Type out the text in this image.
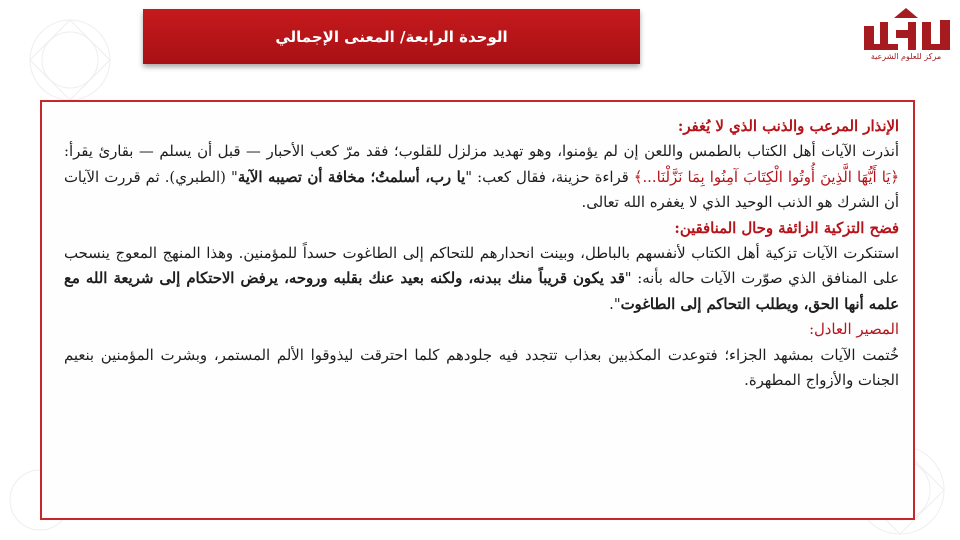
الوحدة الرابعة/ المعنى الإجمالي
مركز للعلوم الشرعية

الإنذار المرعب والذنب الذي لا يُغفر:

أنذرت الآيات أهل الكتاب بالطمس واللعن إن لم يؤمنوا، وهو تهديد مزلزل للقلوب؛ فقد مرّ كعب الأحبار — قبل أن يسلم — بقارئ يقرأ: ﴿يَا أَيُّهَا الَّذِينَ أُوتُوا الْكِتَابَ آمِنُوا بِمَا نَزَّلْنَا...﴾ قراءة حزينة، فقال كعب: "يا رب، أسلمتُ؛ مخافة أن تصيبه الآية" (الطبري). ثم قررت الآيات أن الشرك هو الذنب الوحيد الذي لا يغفره الله تعالى.

فضح التزكية الزائفة وحال المنافقين:

استنكرت الآيات تزكية أهل الكتاب لأنفسهم بالباطل، وبينت انحدارهم للتحاكم إلى الطاغوت حسداً للمؤمنين. وهذا المنهج المعوج ينسحب على المنافق الذي صوّرت الآيات حاله بأنه: "قد يكون قريباً منك ببدنه، ولكنه بعيد عنك بقلبه وروحه، يرفض الاحتكام إلى شريعة الله مع علمه أنها الحق، ويطلب التحاكم إلى الطاغوت".

المصير العادل:

خُتمت الآيات بمشهد الجزاء؛ فتوعدت المكذبين بعذاب تتجدد فيه جلودهم كلما احترقت ليذوقوا الألم المستمر، وبشرت المؤمنين بنعيم الجنات والأزواج المطهرة.
